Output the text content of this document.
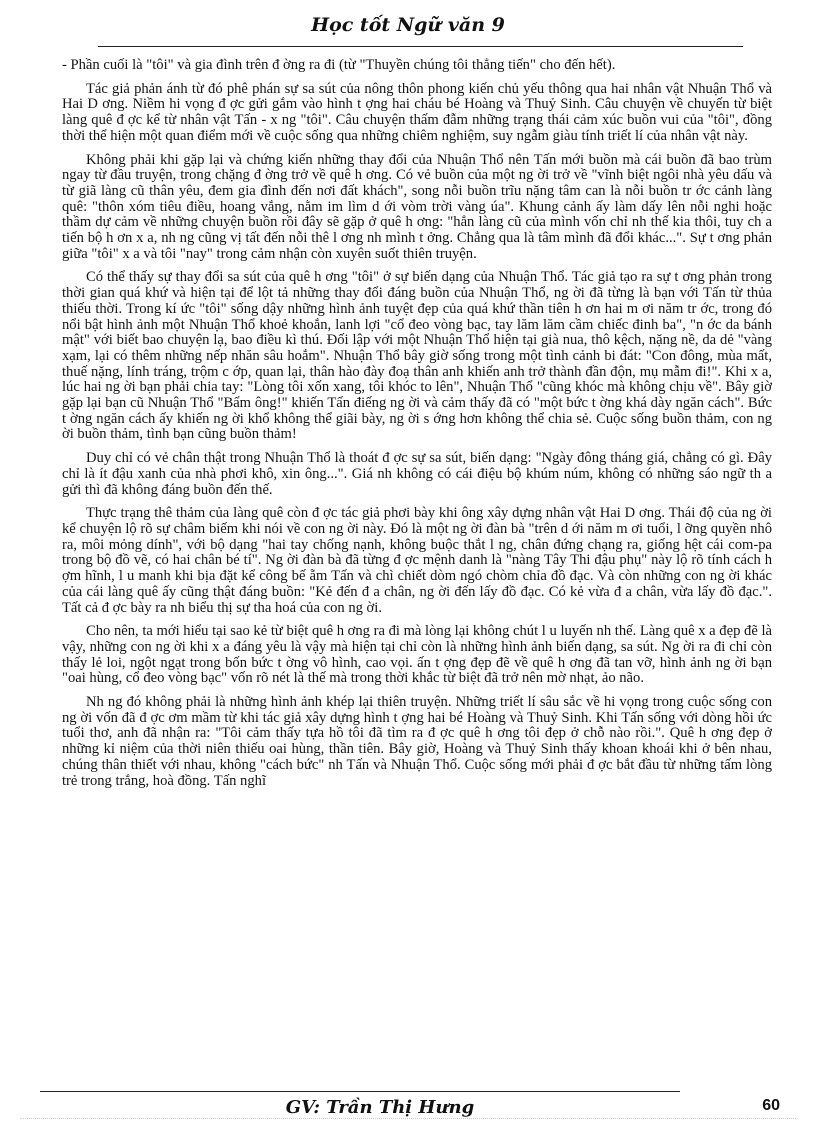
Học tốt Ngữ văn 9

- Phần cuối là "tôi" và gia đình trên đ ờng ra đi (từ "Thuyền chúng tôi thẳng tiến" cho đến hết).

Tác giả phản ánh từ đó phê phán sự sa sút của nông thôn phong kiến chủ yếu thông qua hai nhân vật Nhuận Thổ và Hai D ơng. Niềm hi vọng đ ợc gửi gắm vào hình t ợng hai cháu bé Hoàng và Thuỷ Sinh. Câu chuyện về chuyến từ biệt làng quê đ ợc kể từ nhân vật Tấn - x ng "tôi". Câu chuyện thấm đẫm những trạng thái cảm xúc buồn vui của "tôi", đồng thời thể hiện một quan điểm mới về cuộc sống qua những chiêm nghiệm, suy ngẫm giàu tính triết lí của nhân vật này.

Không phải khi gặp lại và chứng kiến những thay đổi của Nhuận Thổ nên Tấn mới buồn mà cái buồn đã bao trùm ngay từ đầu truyện, trong chặng đ ờng trở về quê h ơng. Có vẻ buồn của một ng ời trở về "vĩnh biệt ngôi nhà yêu dấu và từ giã làng cũ thân yêu, đem gia đình đến nơi đất khách", song nỗi buồn trĩu nặng tâm can là nỗi buồn tr ớc cảnh làng quê: "thôn xóm tiêu điều, hoang vắng, nằm im lìm d ới vòm trời vàng úa". Khung cảnh ấy làm dấy lên nỗi nghi hoặc thầm dự cảm về những chuyện buồn rồi đây sẽ gặp ở quê h ơng: "hẳn làng cũ của mình vốn chỉ nh thế kia thôi, tuy ch a tiến bộ h ơn x a, nh ng cũng vị tất đến nỗi thê l ơng nh mình t ởng. Chẳng qua là tâm mình đã đổi khác...". Sự t ơng phản giữa "tôi" x a và tôi "nay" trong cảm nhận còn xuyên suốt thiên truyện.

Có thể thấy sự thay đổi sa sút của quê h ơng "tôi" ở sự biến dạng của Nhuận Thổ. Tác giả tạo ra sự t ơng phản trong thời gian quá khứ và hiện tại để lột tả những thay đổi đáng buồn của Nhuận Thổ, ng ời đã từng là bạn với Tấn từ thủa thiếu thời. Trong kí ức "tôi" sống dậy những hình ảnh tuyệt đẹp của quá khứ thần tiên h ơn hai m ơi năm tr ớc, trong đó nổi bật hình ảnh một Nhuận Thổ khoẻ khoắn, lanh lợi "cổ đeo vòng bạc, tay lăm lăm cầm chiếc đinh ba", "n ớc da bánh mật" với biết bao chuyện lạ, bao điều kì thú. Đối lập với một Nhuận Thổ hiện tại già nua, thô kệch, nặng nề, da dẻ "vàng xạm, lại có thêm những nếp nhăn sâu hoắm". Nhuận Thổ bây giờ sống trong một tình cảnh bi đát: "Con đông, mùa mất, thuế nặng, lính tráng, trộm c ớp, quan lại, thân hào đày đoạ thân anh khiến anh trở thành đần độn, mụ mẫm đi!". Khi x a, lúc hai ng ời bạn phải chia tay: "Lòng tôi xốn xang, tôi khóc to lên", Nhuận Thổ "cũng khóc mà không chịu về". Bây giờ gặp lại bạn cũ Nhuận Thổ "Bẩm ông!" khiến Tấn điếng ng ời và cảm thấy đã có "một bức t ờng khá dày ngăn cách". Bức t ờng ngăn cách ấy khiến ng ời khổ không thể giãi bày, ng ời s ớng hơn không thể chia sẻ. Cuộc sống buồn thảm, con ng ời buồn thảm, tình bạn cũng buồn thảm!

Duy chỉ có vẻ chân thật trong Nhuận Thổ là thoát đ ợc sự sa sút, biến dạng: "Ngày đông tháng giá, chẳng có gì. Đây chỉ là ít đậu xanh của nhà phơi khô, xin ông...". Giá nh không có cái điệu bộ khúm núm, không có những sáo ngữ th a gửi thì đã không đáng buồn đến thế.

Thực trạng thê thảm của làng quê còn đ ợc tác giả phơi bày khi ông xây dựng nhân vật Hai D ơng. Thái độ của ng ời kể chuyện lộ rõ sự châm biếm khi nói về con ng ời này. Đó là một ng ời đàn bà "trên d ới năm m ơi tuổi, l ỡng quyền nhô ra, môi mỏng dính", với bộ dạng "hai tay chống nạnh, không buộc thắt l ng, chân đứng chạng ra, giống hệt cái com-pa trong bộ đồ vẽ, có hai chân bé tí". Ng ời đàn bà đã từng đ ợc mệnh danh là "nàng Tây Thi đậu phụ" này lộ rõ tính cách h ợm hĩnh, l u manh khi bịa đặt kể công bế ẵm Tấn và chì chiết dòm ngó chòm chỉa đồ đạc. Và còn những con ng ời khác của cái làng quê ấy cũng thật đáng buồn: "Kẻ đến đ a chân, ng ời đến lấy đồ đạc. Có kẻ vừa đ a chân, vừa lấy đồ đạc.". Tất cả đ ợc bày ra nh biểu thị sự tha hoá của con ng ời.

Cho nên, ta mới hiểu tại sao kẻ từ biệt quê h ơng ra đi mà lòng lại không chút l u luyến nh thế. Làng quê x a đẹp đẽ là vậy, những con ng ời khi x a đáng yêu là vậy mà hiện tại chỉ còn là những hình ảnh biến dạng, sa sút. Ng ời ra đi chỉ còn thấy lẻ loi, ngột ngạt trong bốn bức t ờng vô hình, cao vọi. ấn t ợng đẹp đẽ về quê h ơng đã tan vỡ, hình ảnh ng ời bạn "oai hùng, cổ đeo vòng bạc" vốn rõ nét là thế mà trong thời khắc từ biệt đã trở nên mờ nhạt, ảo não.

Nh ng đó không phải là những hình ảnh khép lại thiên truyện. Những triết lí sâu sắc về hi vọng trong cuộc sống con ng ời vốn đã đ ợc ơm mầm từ khi tác giả xây dựng hình t ợng hai bé Hoàng và Thuỷ Sinh. Khi Tấn sống với dòng hồi ức tuổi thơ, anh đã nhận ra: "Tôi cảm thấy tựa hồ tôi đã tìm ra đ ợc quê h ơng tôi đẹp ở chỗ nào rồi.". Quê h ơng đẹp ở những kỉ niệm của thời niên thiếu oai hùng, thần tiên. Bây giờ, Hoàng và Thuỷ Sinh thấy khoan khoái khi ở bên nhau, chúng thân thiết với nhau, không "cách bức" nh Tấn và Nhuận Thổ. Cuộc sống mới phải đ ợc bắt đầu từ những tấm lòng trẻ trong trắng, hoà đồng. Tấn nghĩ

GV: Trần Thị Hưng	60
